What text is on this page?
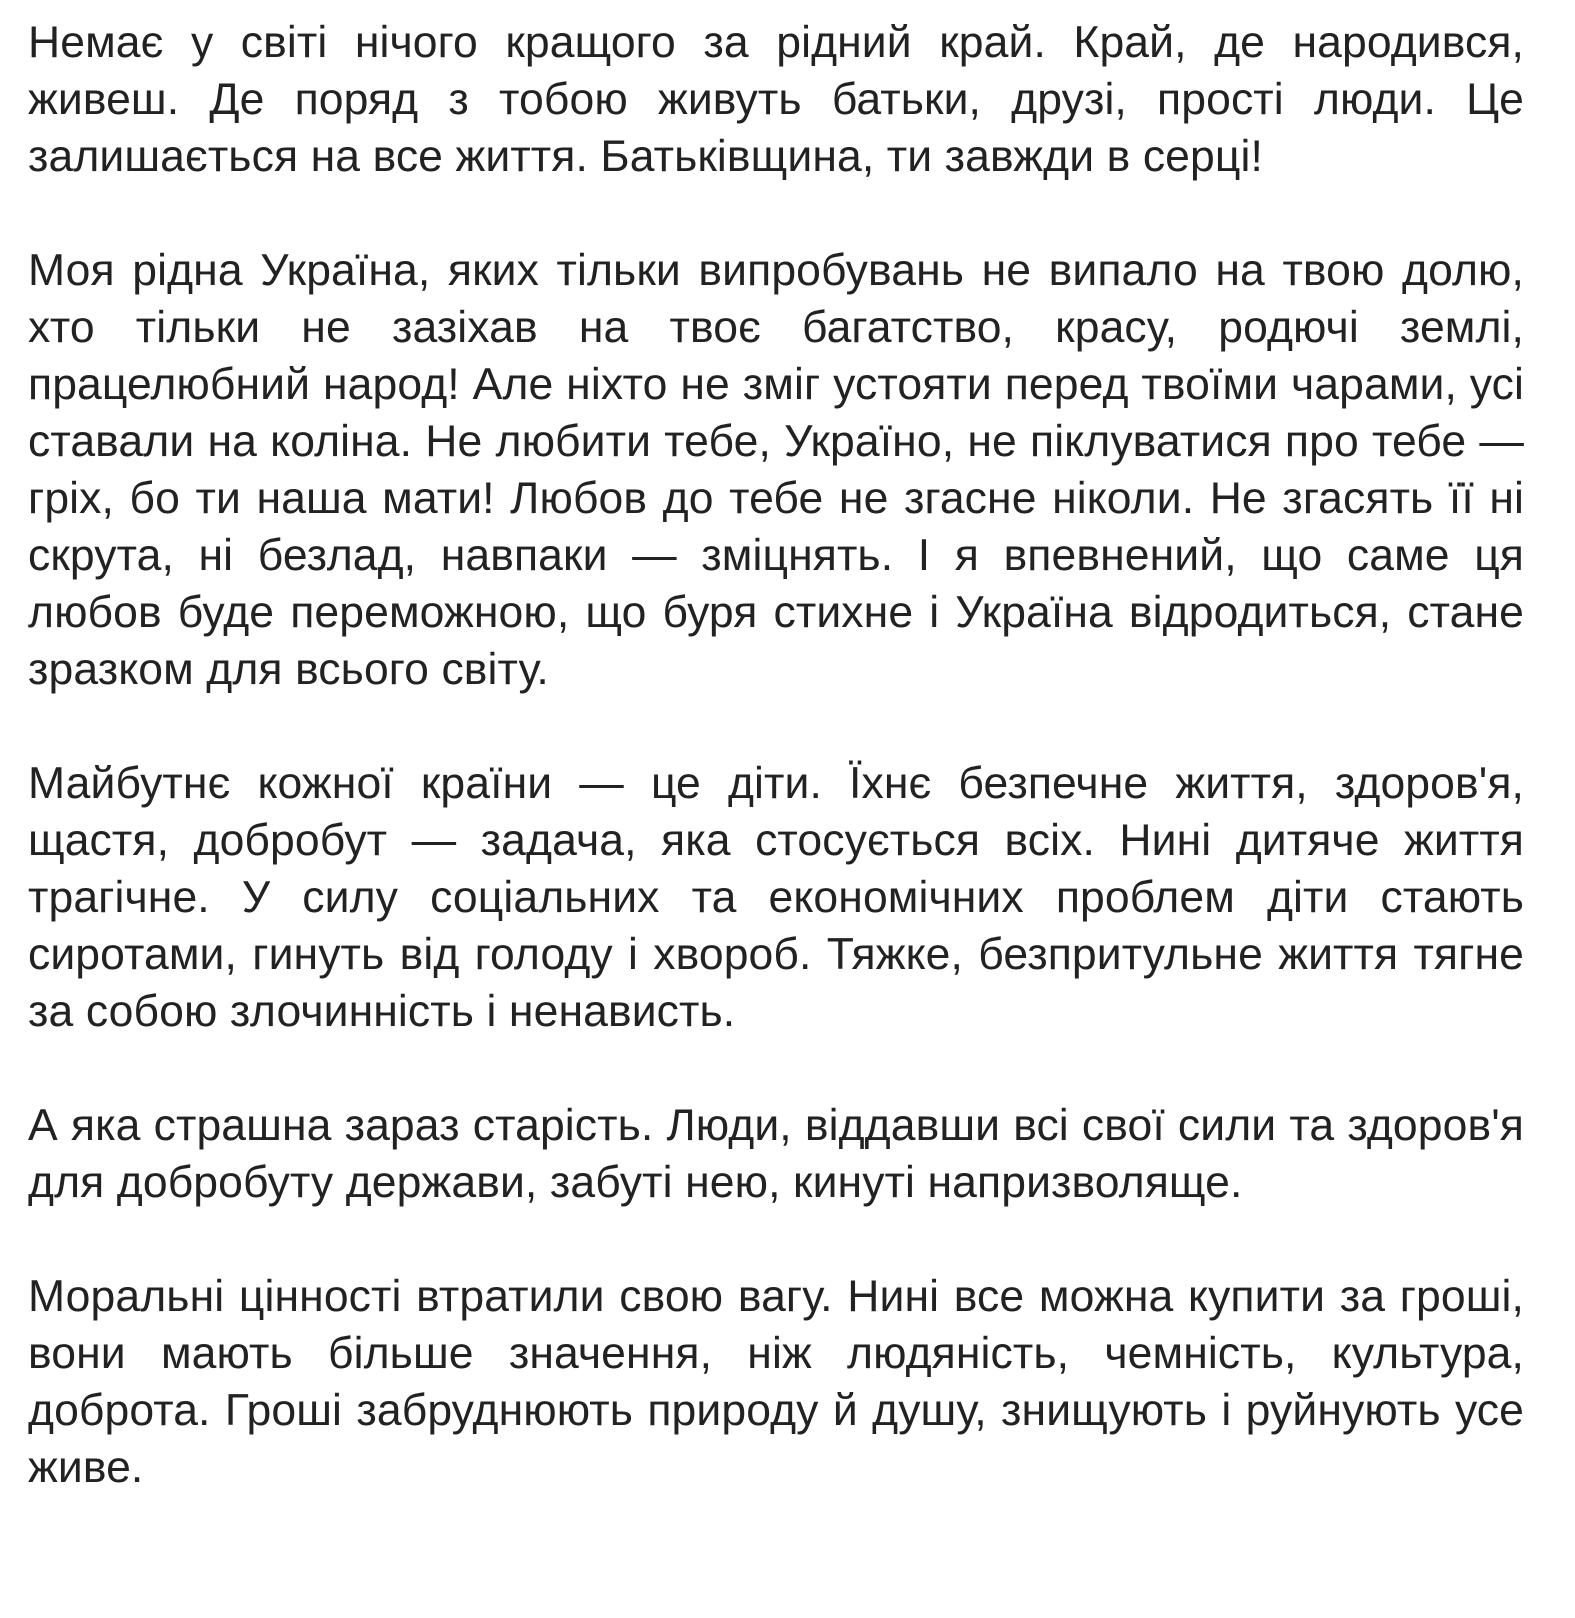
Немає у світі нічого кращого за рідний край. Край, де народився, живеш. Де поряд з тобою живуть батьки, друзі, прості люди. Це залишається на все життя. Батьківщина, ти завжди в серці!

Моя рідна Україна, яких тільки випробувань не випало на твою долю, хто тільки не зазіхав на твоє багатство, красу, родючі землі, працелюбний народ! Але ніхто не зміг устояти перед твоїми чарами, усі ставали на коліна. Не любити тебе, Україно, не піклуватися про тебе — гріх, бо ти наша мати! Любов до тебе не згасне ніколи. Не згасять її ні скрута, ні безлад, навпаки — зміцнять. І я впевнений, що саме ця любов буде переможною, що буря стихне і Україна відродиться, стане зразком для всього світу.

Майбутнє кожної країни — це діти. Їхнє безпечне життя, здоров'я, щастя, добробут — задача, яка стосується всіх. Нині дитяче життя трагічне. У силу соціальних та економічних проблем діти стають сиротами, гинуть від голоду і хвороб. Тяжке, безпритульне життя тягне за собою злочинність і ненависть.

А яка страшна зараз старість. Люди, віддавши всі свої сили та здоров'я для добробуту держави, забуті нею, кинуті напризволяще.

Моральні цінності втратили свою вагу. Нині все можна купити за гроші, вони мають більше значення, ніж людяність, чемність, культура, доброта. Гроші забруднюють природу й душу, знищують і руйнують усе живе.
